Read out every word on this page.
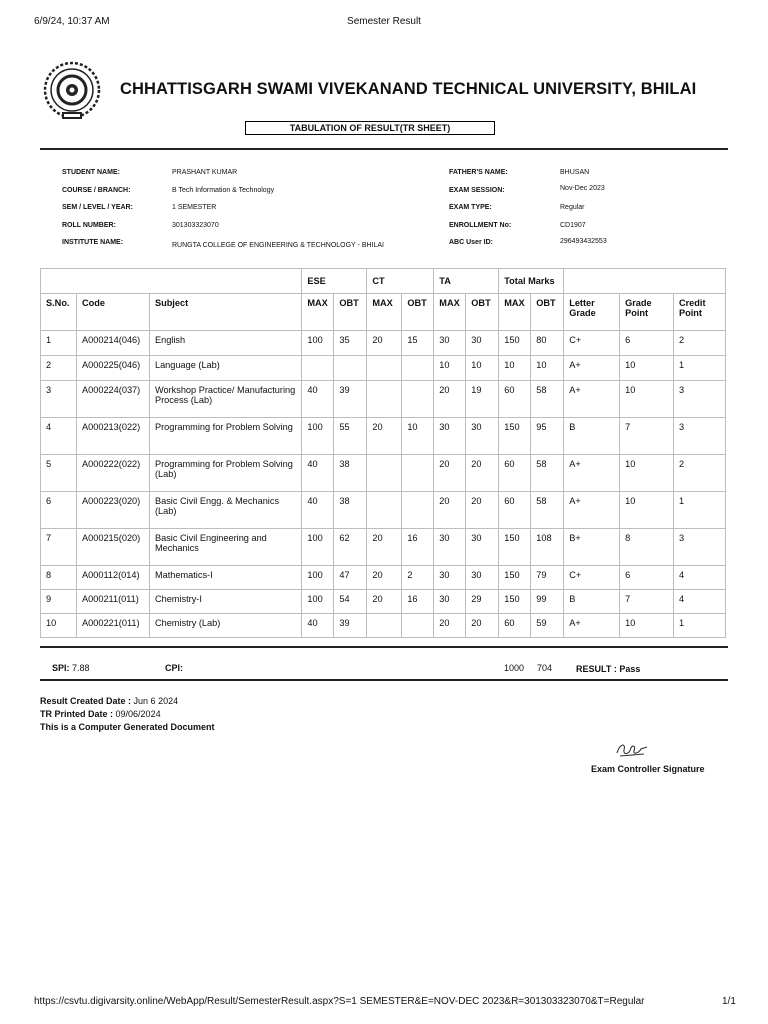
6/9/24, 10:37 AM	Semester Result
CHHATTISGARH SWAMI VIVEKANAND TECHNICAL UNIVERSITY, BHILAI
TABULATION OF RESULT(TR SHEET)
STUDENT NAME:	PRASHANT KUMAR
COURSE / BRANCH:	B Tech Information & Technology
SEM / LEVEL / YEAR:	1 SEMESTER
ROLL NUMBER:	301303323070
INSTITUTE NAME:	RUNGTA COLLEGE OF ENGINEERING & TECHNOLOGY - BHILAI
FATHER'S NAME:	BHUSAN
EXAM SESSION:	Nov-Dec 2023
EXAM TYPE:	Regular
ENROLLMENT No:	CD1907
ABC User ID:	296493432553
			ESE		CT		TA		Total Marks				
S.No.	Code	Subject	MAX	OBT	MAX	OBT	MAX	OBT	MAX	OBT	Letter Grade	Grade Point	Credit Point
1	A000214(046)	English	100	35	20	15	30	30	150	80	C+	6	2
2	A000225(046)	Language (Lab)					10	10	10	10	A+	10	1
3	A000224(037)	Workshop Practice/ Manufacturing Process (Lab)	40	39			20	19	60	58	A+	10	3
4	A000213(022)	Programming for Problem Solving	100	55	20	10	30	30	150	95	B	7	3
5	A000222(022)	Programming for Problem Solving (Lab)	40	38			20	20	60	58	A+	10	2
6	A000223(020)	Basic Civil Engg. & Mechanics (Lab)	40	38			20	20	60	58	A+	10	1
7	A000215(020)	Basic Civil Engineering and Mechanics	100	62	20	16	30	30	150	108	B+	8	3
8	A000112(014)	Mathematics-I	100	47	20	2	30	30	150	79	C+	6	4
9	A000211(011)	Chemistry-I	100	54	20	16	30	29	150	99	B	7	4
10	A000221(011)	Chemistry (Lab)	40	39			20	20	60	59	A+	10	1
SPI: 7.88	CPI:	1000 704	RESULT : Pass
Result Created Date : Jun 6 2024
TR Printed Date : 09/06/2024
This is a Computer Generated Document
Exam Controller Signature
https://csvtu.digivarsity.online/WebApp/Result/SemesterResult.aspx?S=1 SEMESTER&E=NOV-DEC 2023&R=301303323070&T=Regular	1/1
